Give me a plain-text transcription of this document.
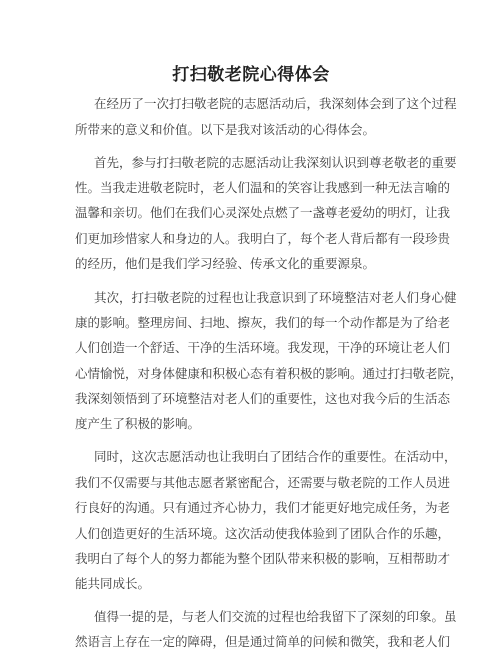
打扫敬老院心得体会
在经历了一次打扫敬老院的志愿活动后，我深刻体会到了这个过程
所带来的意义和价值。以下是我对该活动的心得体会。
首先，参与打扫敬老院的志愿活动让我深刻认识到尊老敬老的重要
性。当我走进敬老院时，老人们温和的笑容让我感到一种无法言喻的
温馨和亲切。他们在我们心灵深处点燃了一盏尊老爱幼的明灯，让我
们更加珍惜家人和身边的人。我明白了，每个老人背后都有一段珍贵
的经历，他们是我们学习经验、传承文化的重要源泉。
其次，打扫敬老院的过程也让我意识到了环境整洁对老人们身心健
康的影响。整理房间、扫地、擦灰，我们的每一个动作都是为了给老
人们创造一个舒适、干净的生活环境。我发现，干净的环境让老人们
心情愉悦，对身体健康和积极心态有着积极的影响。通过打扫敬老院，
我深刻领悟到了环境整洁对老人们的重要性，这也对我今后的生活态
度产生了积极的影响。
同时，这次志愿活动也让我明白了团结合作的重要性。在活动中，
我们不仅需要与其他志愿者紧密配合，还需要与敬老院的工作人员进
行良好的沟通。只有通过齐心协力，我们才能更好地完成任务，为老
人们创造更好的生活环境。这次活动使我体验到了团队合作的乐趣，
我明白了每个人的努力都能为整个团队带来积极的影响，互相帮助才
能共同成长。
值得一提的是，与老人们交流的过程也给我留下了深刻的印象。虽
然语言上存在一定的障碍，但是通过简单的问候和微笑，我和老人们
